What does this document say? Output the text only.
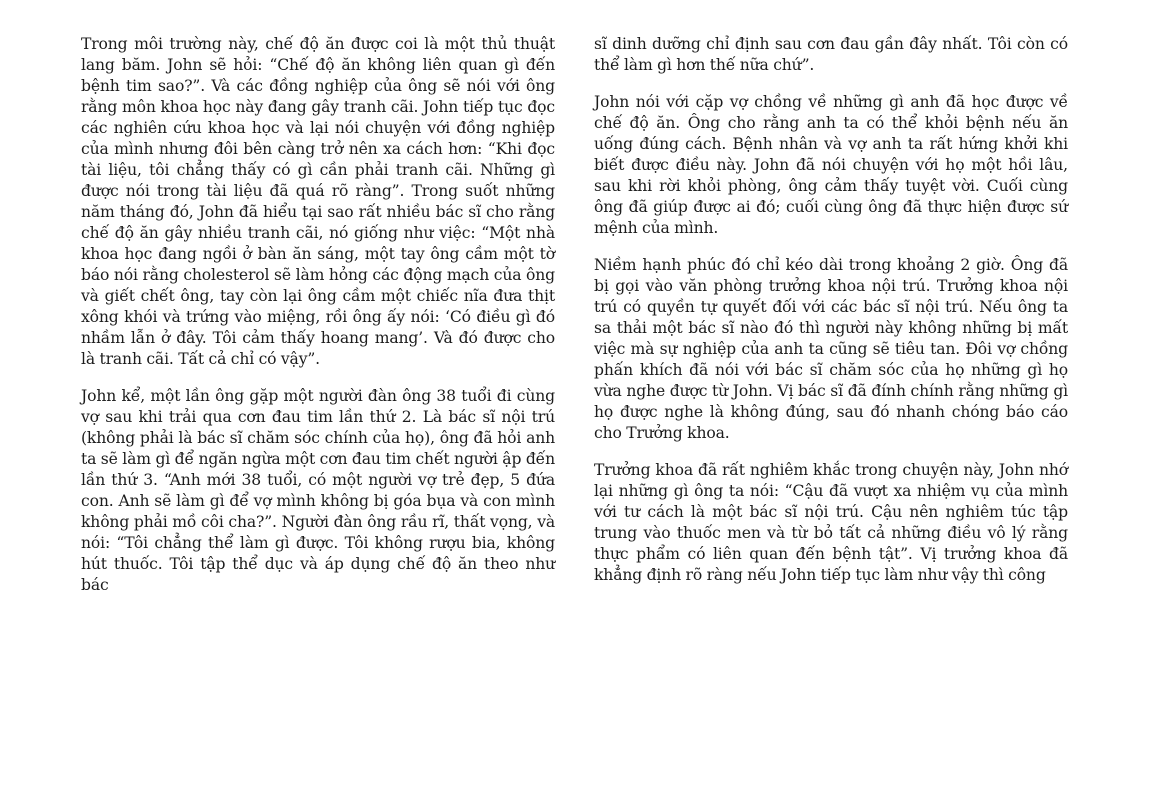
Trong môi trường này, chế độ ăn được coi là một thủ thuật lang băm. John sẽ hỏi: “Chế độ ăn không liên quan gì đến bệnh tim sao?”. Và các đồng nghiệp của ông sẽ nói với ông rằng môn khoa học này đang gây tranh cãi. John tiếp tục đọc các nghiên cứu khoa học và lại nói chuyện với đồng nghiệp của mình nhưng đôi bên càng trở nên xa cách hơn: “Khi đọc tài liệu, tôi chẳng thấy có gì cần phải tranh cãi. Những gì được nói trong tài liệu đã quá rõ ràng”. Trong suốt những năm tháng đó, John đã hiểu tại sao rất nhiều bác sĩ cho rằng chế độ ăn gây nhiều tranh cãi, nó giống như việc: “Một nhà khoa học đang ngồi ở bàn ăn sáng, một tay ông cầm một tờ báo nói rằng cholesterol sẽ làm hỏng các động mạch của ông và giết chết ông, tay còn lại ông cầm một chiếc nĩa đưa thịt xông khói và trứng vào miệng, rồi ông ấy nói: ‘Có điều gì đó nhầm lẫn ở đây. Tôi cảm thấy hoang mang’. Và đó được cho là tranh cãi. Tất cả chỉ có vậy”.

John kể, một lần ông gặp một người đàn ông 38 tuổi đi cùng vợ sau khi trải qua cơn đau tim lần thứ 2. Là bác sĩ nội trú (không phải là bác sĩ chăm sóc chính của họ), ông đã hỏi anh ta sẽ làm gì để ngăn ngừa một cơn đau tim chết người ập đến lần thứ 3. “Anh mới 38 tuổi, có một người vợ trẻ đẹp, 5 đứa con. Anh sẽ làm gì để vợ mình không bị góa bụa và con mình không phải mồ côi cha?”. Người đàn ông rầu rĩ, thất vọng, và nói: “Tôi chẳng thể làm gì được. Tôi không rượu bia, không hút thuốc. Tôi tập thể dục và áp dụng chế độ ăn theo như bác

sĩ dinh dưỡng chỉ định sau cơn đau gần đây nhất. Tôi còn có thể làm gì hơn thế nữa chứ”.

John nói với cặp vợ chồng về những gì anh đã học được về chế độ ăn. Ông cho rằng anh ta có thể khỏi bệnh nếu ăn uống đúng cách. Bệnh nhân và vợ anh ta rất hứng khởi khi biết được điều này. John đã nói chuyện với họ một hồi lâu, sau khi rời khỏi phòng, ông cảm thấy tuyệt vời. Cuối cùng ông đã giúp được ai đó; cuối cùng ông đã thực hiện được sứ mệnh của mình.

Niềm hạnh phúc đó chỉ kéo dài trong khoảng 2 giờ. Ông đã bị gọi vào văn phòng trưởng khoa nội trú. Trưởng khoa nội trú có quyền tự quyết đối với các bác sĩ nội trú. Nếu ông ta sa thải một bác sĩ nào đó thì người này không những bị mất việc mà sự nghiệp của anh ta cũng sẽ tiêu tan. Đôi vợ chồng phấn khích đã nói với bác sĩ chăm sóc của họ những gì họ vừa nghe được từ John. Vị bác sĩ đã đính chính rằng những gì họ được nghe là không đúng, sau đó nhanh chóng báo cáo cho Trưởng khoa.

Trưởng khoa đã rất nghiêm khắc trong chuyện này, John nhớ lại những gì ông ta nói: “Cậu đã vượt xa nhiệm vụ của mình với tư cách là một bác sĩ nội trú. Cậu nên nghiêm túc tập trung vào thuốc men và từ bỏ tất cả những điều vô lý rằng thực phẩm có liên quan đến bệnh tật”. Vị trưởng khoa đã khẳng định rõ ràng nếu John tiếp tục làm như vậy thì công
